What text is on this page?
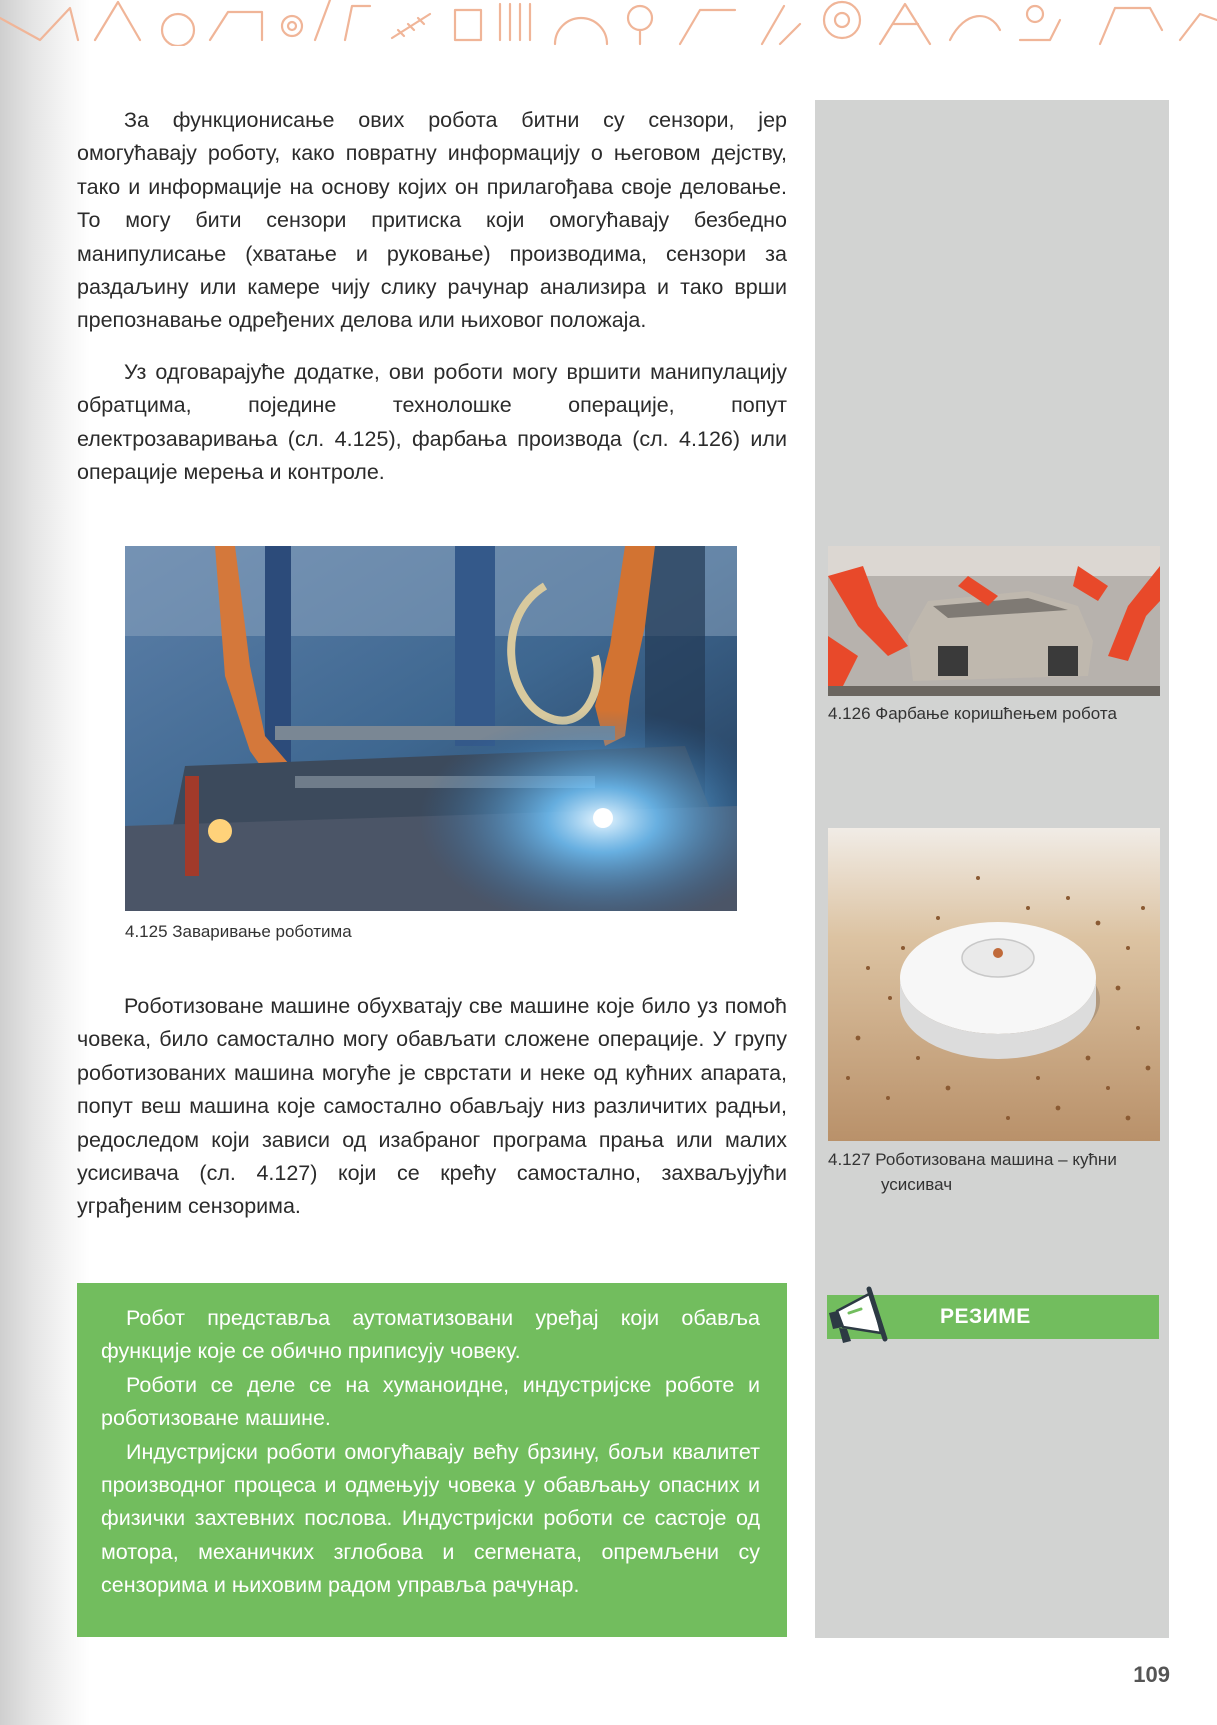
За функционисање ових робота битни су сензори, јер омогућавају роботу, како повратну информацију о његовом дејству, тако и информације на основу којих он прилагођава своје деловање. То могу бити сензори притиска који омогућавају безбедно манипулисање (хватање и руковање) производима, сензори за раздаљину или камере чију слику рачунар анализира и тако врши препознавање одређених делова или њиховог положаја.

Уз одговарајуће додатке, ови роботи могу вршити манипулацију обратцима, поједине технолошке операције, попут електрозаваривања (сл. 4.125), фарбања производа (сл. 4.126) или операције мерења и контроле.

4.125 Заваривање роботима

4.126 Фарбање коришћењем робота

4.127 Роботизована машина – кућни
усисивач

Роботизоване машине обухватају све машине које било уз помоћ човека, било самостално могу обављати сложене операције. У групу роботизованих машина могуће је сврстати и неке од кућних апарата, попут веш машина које самостално обављају низ различитих радњи, редоследом који зависи од изабраног програма прања или малих усисивача (сл. 4.127) који се крећу самостално, захваљујући уграђеним сензорима.

Робот представља аутоматизовани уређај који обавља функције које се обично приписују човеку.

Роботи се деле се на хуманоидне, индустријске роботе и роботизоване машине.

Индустријски роботи омогућавају већу брзину, бољи квалитет производног процеса и одмењују човека у обављању опасних и физички захтевних послова. Индустријски роботи се састоје од мотора, механичких зглобова и сегмената, опремљени су сензорима и њиховим радом управља рачунар.

РЕЗИМЕ
109
